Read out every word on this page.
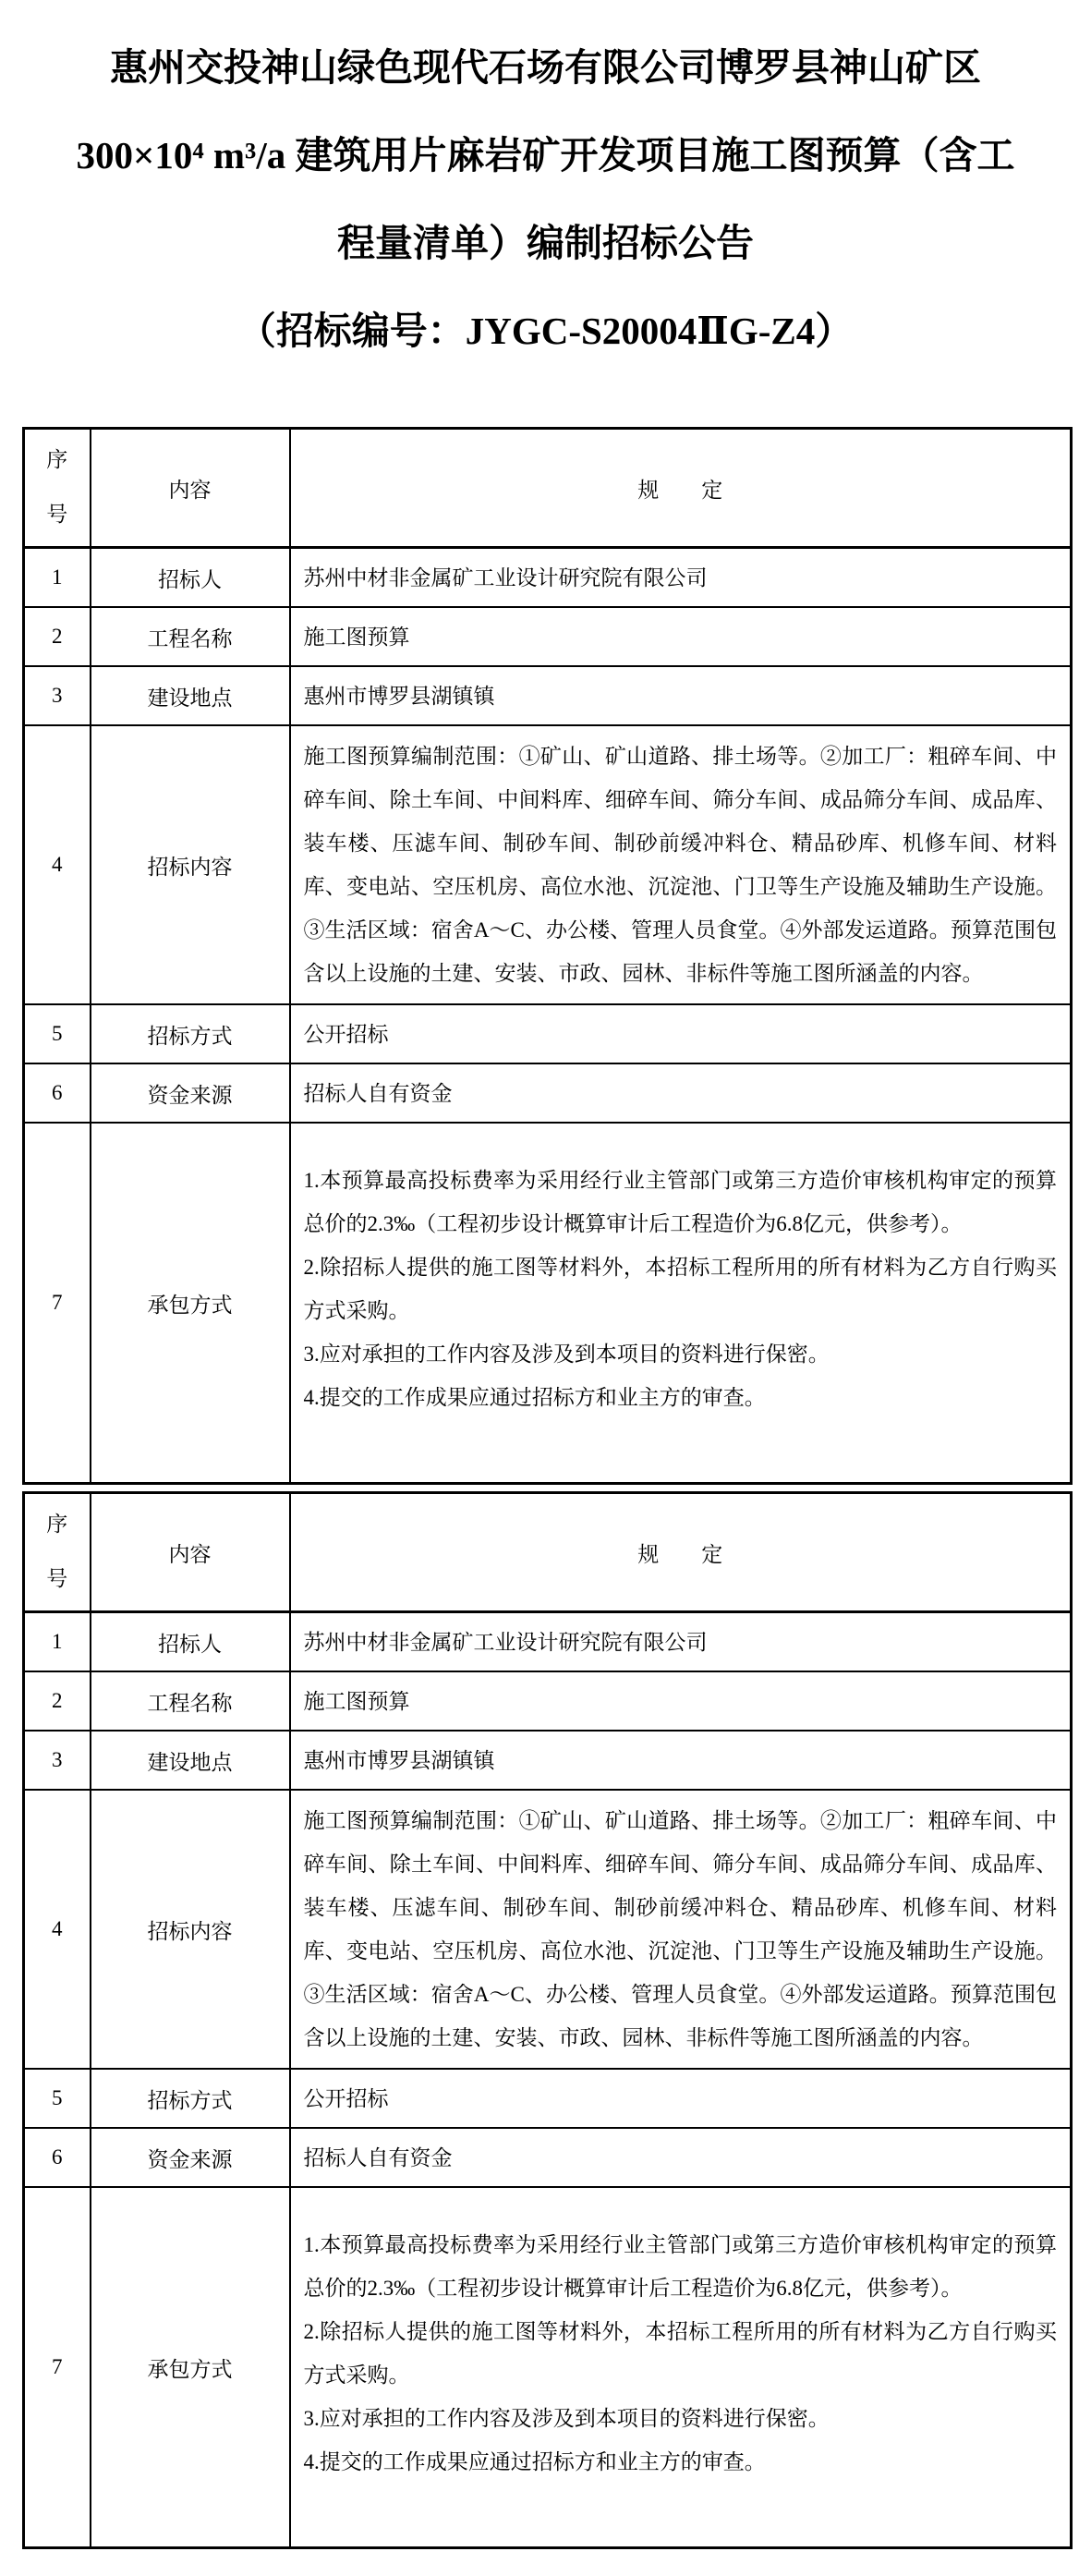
惠州交投神山绿色现代石场有限公司博罗县神山矿区
300×10⁴ m³/a 建筑用片麻岩矿开发项目施工图预算（含工
程量清单）编制招标公告
（招标编号：JYGC-S20004ⅡG-Z4）
序号	内容	规　　定
1	招标人	苏州中材非金属矿工业设计研究院有限公司

2	工程名称	施工图预算

3	建设地点	惠州市博罗县湖镇镇

4	招标内容	施工图预算编制范围：①矿山、矿山道路、排土场等。②加工厂：粗碎车间、中碎车间、除土车间、中间料库、细碎车间、筛分车间、成品筛分车间、成品库、装车楼、压滤车间、制砂车间、制砂前缓冲料仓、精品砂库、机修车间、材料库、变电站、空压机房、高位水池、沉淀池、门卫等生产设施及辅助生产设施。③生活区域：宿舍A～C、办公楼、管理人员食堂。④外部发运道路。预算范围包含以上设施的土建、安装、市政、园林、非标件等施工图所涵盖的内容。

5	招标方式	公开招标

6	资金来源	招标人自有资金

7	承包方式	1.本预算最高投标费率为采用经行业主管部门或第三方造价审核机构审定的预算总价的2.3‰（工程初步设计概算审计后工程造价为6.8亿元，供参考）。

2.除招标人提供的施工图等材料外，本招标工程所用的所有材料为乙方自行购买方式采购。

3.应对承担的工作内容及涉及到本项目的资料进行保密。

4.提交的工作成果应通过招标方和业主方的审查。

序号	内容	规　　定
1	招标人	苏州中材非金属矿工业设计研究院有限公司

2	工程名称	施工图预算

3	建设地点	惠州市博罗县湖镇镇

4	招标内容	施工图预算编制范围：①矿山、矿山道路、排土场等。②加工厂：粗碎车间、中碎车间、除土车间、中间料库、细碎车间、筛分车间、成品筛分车间、成品库、装车楼、压滤车间、制砂车间、制砂前缓冲料仓、精品砂库、机修车间、材料库、变电站、空压机房、高位水池、沉淀池、门卫等生产设施及辅助生产设施。③生活区域：宿舍A～C、办公楼、管理人员食堂。④外部发运道路。预算范围包含以上设施的土建、安装、市政、园林、非标件等施工图所涵盖的内容。

5	招标方式	公开招标

6	资金来源	招标人自有资金

7	承包方式	1.本预算最高投标费率为采用经行业主管部门或第三方造价审核机构审定的预算总价的2.3‰（工程初步设计概算审计后工程造价为6.8亿元，供参考）。

2.除招标人提供的施工图等材料外，本招标工程所用的所有材料为乙方自行购买方式采购。

3.应对承担的工作内容及涉及到本项目的资料进行保密。

4.提交的工作成果应通过招标方和业主方的审查。
